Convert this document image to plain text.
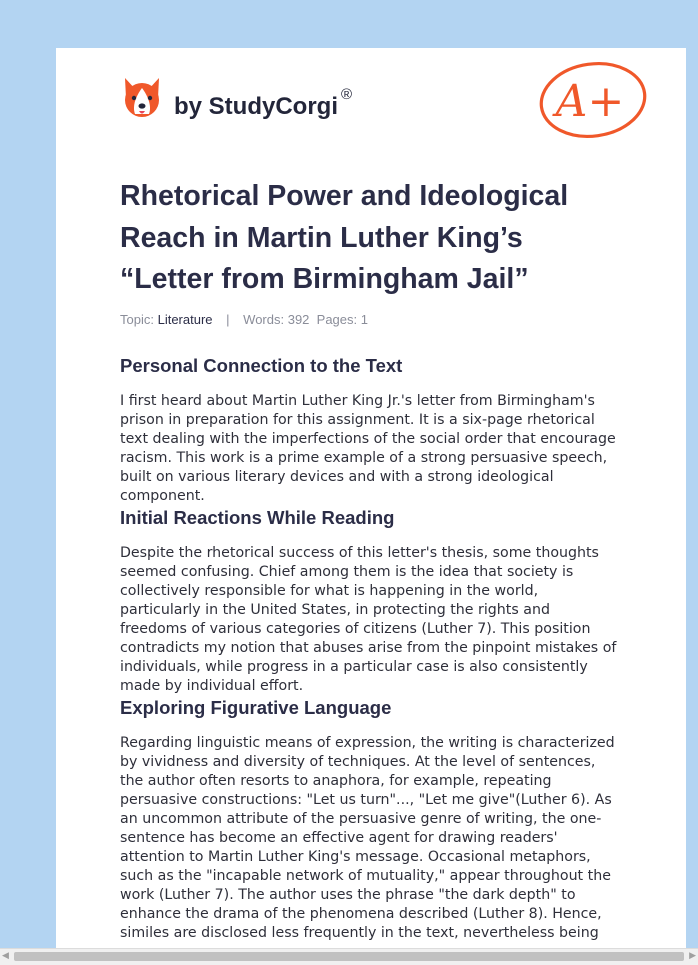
by StudyCorgi ®	A+
Rhetorical Power and Ideological Reach in Martin Luther King’s “Letter from Birmingham Jail”
Topic: Literature | Words: 392 Pages: 1
Personal Connection to the Text

I first heard about Martin Luther King Jr.'s letter from Birmingham's prison in preparation for this assignment. It is a six-page rhetorical text dealing with the imperfections of the social order that encourage racism. This work is a prime example of a strong persuasive speech, built on various literary devices and with a strong ideological component.

Initial Reactions While Reading

Despite the rhetorical success of this letter's thesis, some thoughts seemed confusing. Chief among them is the idea that society is collectively responsible for what is happening in the world, particularly in the United States, in protecting the rights and freedoms of various categories of citizens (Luther 7). This position contradicts my notion that abuses arise from the pinpoint mistakes of individuals, while progress in a particular case is also consistently made by individual effort.

Exploring Figurative Language

Regarding linguistic means of expression, the writing is characterized by vividness and diversity of techniques. At the level of sentences, the author often resorts to anaphora, for example, repeating persuasive constructions: "Let us turn"..., "Let me give"(Luther 6). As an uncommon attribute of the persuasive genre of writing, the one-sentence has become an effective agent for drawing readers' attention to Martin Luther King's message. Occasional metaphors, such as the "incapable network of mutuality," appear throughout the work (Luther 7). The author uses the phrase "the dark depth" to enhance the drama of the phenomena described (Luther 8). Hence, similes are disclosed less frequently in the text, nevertheless being

◀	▶
